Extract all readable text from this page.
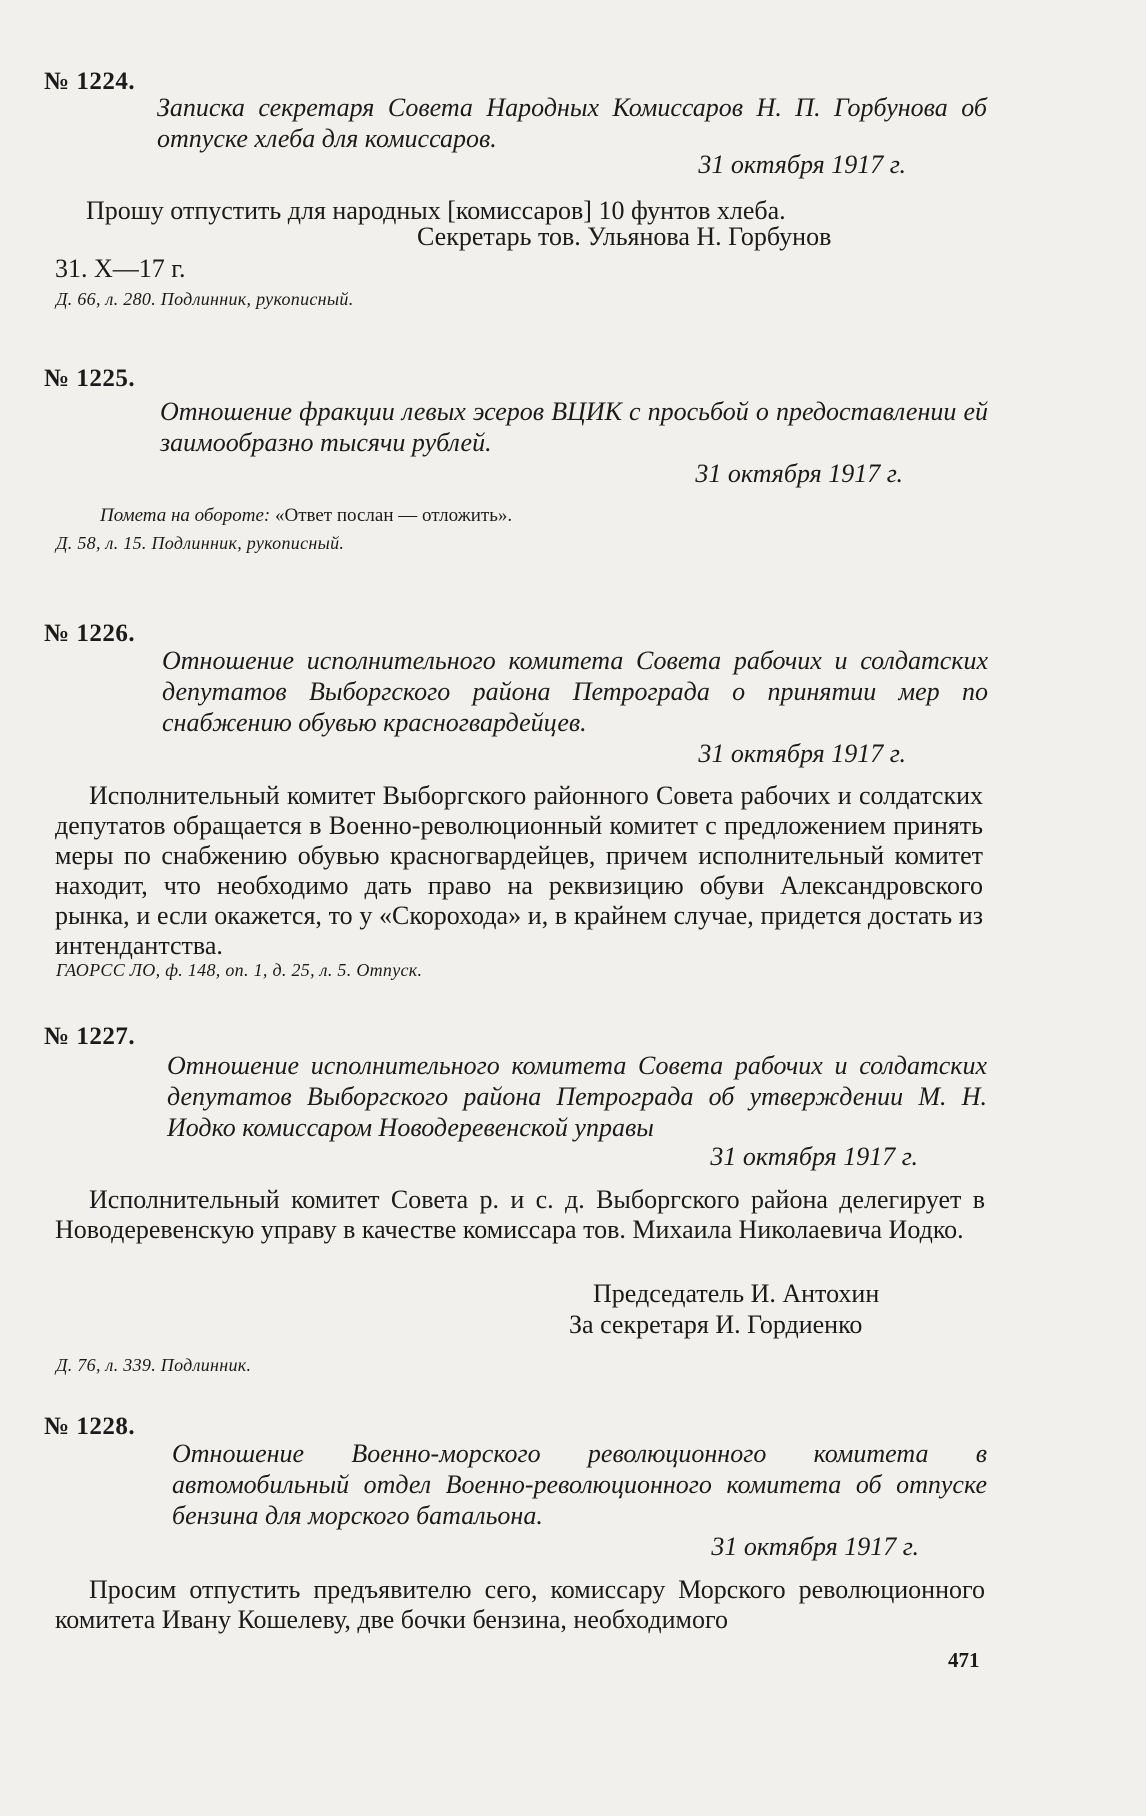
№ 1224.
Записка секретаря Совета Народных Комиссаров Н. П. Горбунова об отпуске хлеба для комиссаров.
31 октября 1917 г.
Прошу отпустить для народных [комиссаров] 10 фунтов хлеба.
Секретарь тов. Ульянова Н. Горбунов
31. X—17 г.
Д. 66, л. 280. Подлинник, рукописный.
№ 1225.
Отношение фракции левых эсеров ВЦИК с просьбой о предоставлении ей заимообразно тысячи рублей.
31 октября 1917 г.
Помета на обороте: «Ответ послан — отложить».
Д. 58, л. 15. Подлинник, рукописный.
№ 1226.
Отношение исполнительного комитета Совета рабочих и солдатских депутатов Выборгского района Петрограда о принятии мер по снабжению обувью красногвардейцев.
31 октября 1917 г.

Исполнительный комитет Выборгского районного Совета рабочих и солдатских депутатов обращается в Военно-революционный комитет с предложением принять меры по снабжению обувью красногвардейцев, причем исполнительный комитет находит, что необходимо дать право на реквизицию обуви Александровского рынка, и если окажется, то у «Скорохода» и, в крайнем случае, придется достать из интендантства.

ГАОРСС ЛО, ф. 148, оп. 1, д. 25, л. 5. Отпуск.
№ 1227.
Отношение исполнительного комитета Совета рабочих и солдатских депутатов Выборгского района Петрограда об утверждении М. Н. Иодко комиссаром Новодеревенской управы
31 октября 1917 г.

Исполнительный комитет Совета р. и с. д. Выборгского района делегирует в Новодеревенскую управу в качестве комиссара тов. Михаила Николаевича Иодко.

Председатель И. Антохин
За секретаря И. Гордиенко
Д. 76, л. 339. Подлинник.
№ 1228.
Отношение Военно-морского революционного комитета в автомобильный отдел Военно-революционного комитета об отпуске бензина для морского батальона.
31 октября 1917 г.

Просим отпустить предъявителю сего, комиссару Морского революционного комитета Ивану Кошелеву, две бочки бензина, необходимого

471
